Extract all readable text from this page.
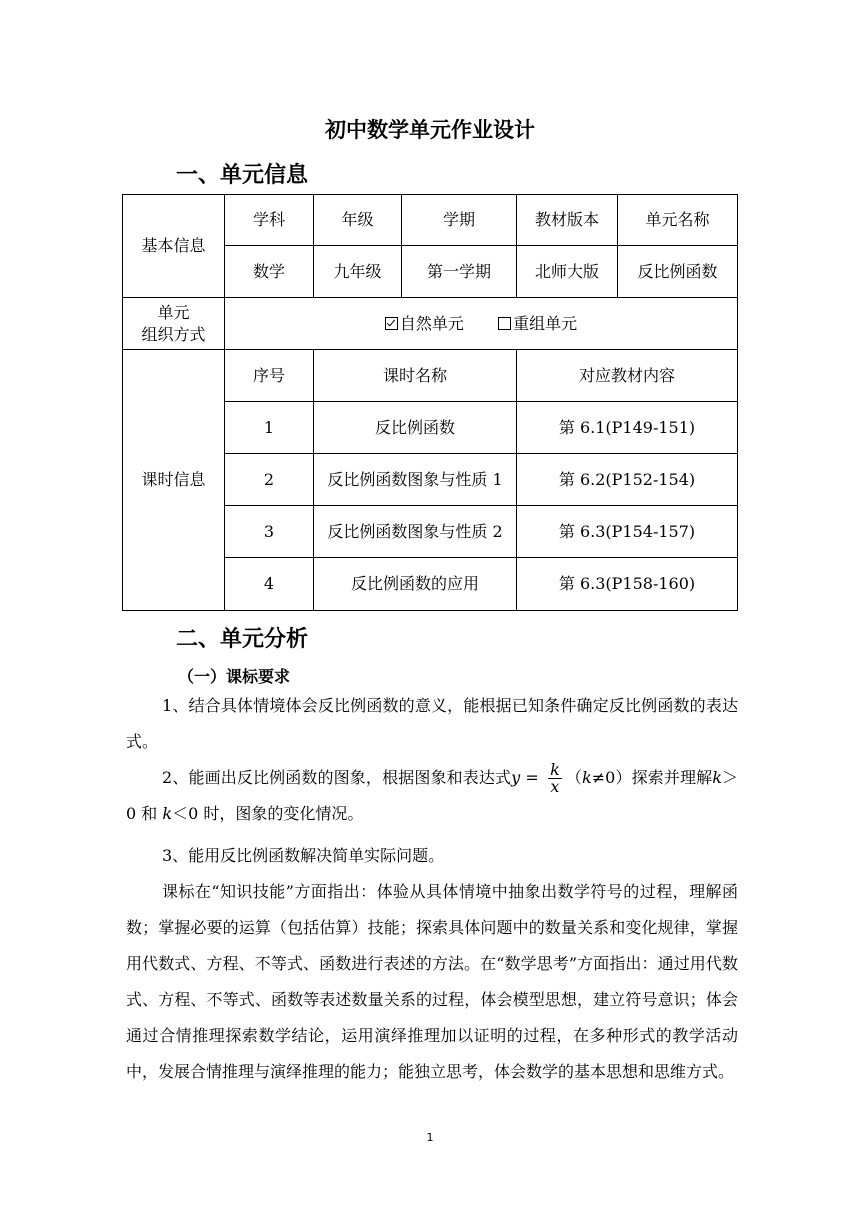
初中数学单元作业设计
一、单元信息
基本信息	学科	年级	学期	教材版本	单元名称
	数学	九年级	第一学期	北师大版	反比例函数

单元
组织方式	自然单元 重组单元				
课时信息	序号	课时名称		对应教材内容	
	1	反比例函数		第 6.1(P149-151)	
	2	反比例函数图象与性质 1		第 6.2(P152-154)	
	3	反比例函数图象与性质 2		第 6.3(P154-157)	
	4	反比例函数的应用		第 6.3(P158-160)	
二、单元分析
（一）课标要求

1、结合具体情境体会反比例函数的意义，能根据已知条件确定反比例函数的表达式。

2、能画出反比例函数的图象，根据图象和表达式$y = \frac{k}{x} (k\ne 0)$探索并理解k＞0 和 k＜0 时，图象的变化情况。

3、能用反比例函数解决简单实际问题。

课标在“知识技能”方面指出：体验从具体情境中抽象出数学符号的过程，理解函数；掌握必要的运算（包括估算）技能；探索具体问题中的数量关系和变化规律，掌握用代数式、方程、不等式、函数进行表述的方法。在“数学思考”方面指出：通过用代数式、方程、不等式、函数等表述数量关系的过程，体会模型思想，建立符号意识；体会通过合情推理探索数学结论，运用演绎推理加以证明的过程，在多种形式的教学活动中，发展合情推理与演绎推理的能力；能独立思考，体会数学的基本思想和思维方式。

1
